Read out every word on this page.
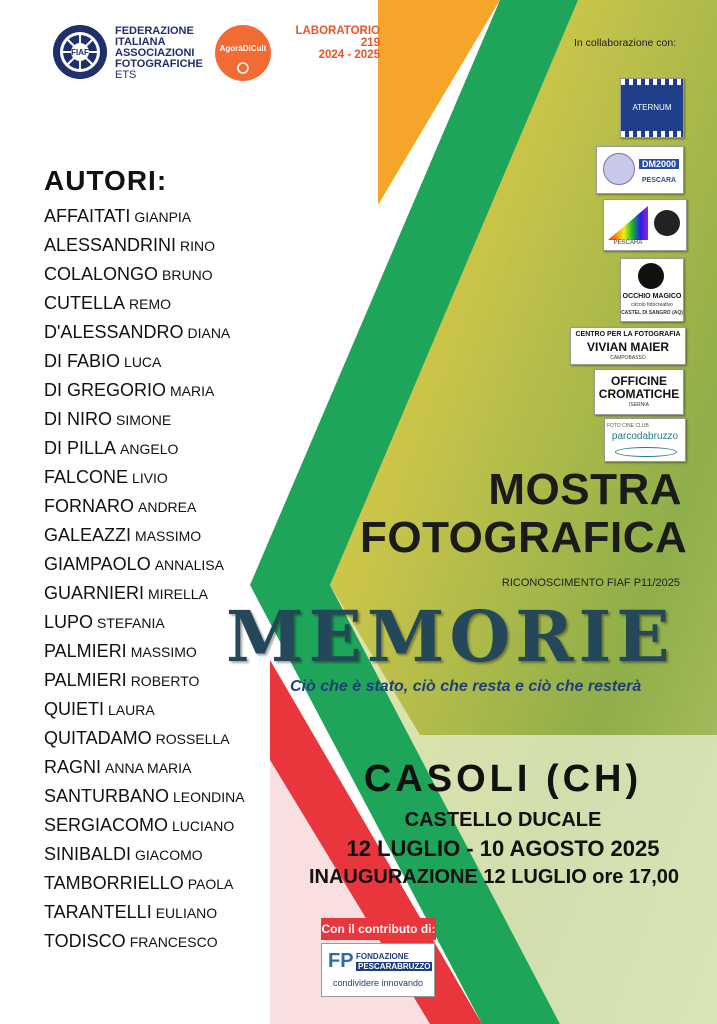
FIAF
FEDERAZIONE
ITALIANA
ASSOCIAZIONI
FOTOGRAFICHE
ETS
AgoràDiCult
LABORATORIO 219
2024 - 2025
In collaborazione con:
AUTORI:
AFFAITATI GIANPIA
ALESSANDRINI RINO
COLALONGO BRUNO
CUTELLA REMO
D'ALESSANDRO DIANA
DI FABIO LUCA
DI GREGORIO MARIA
DI NIRO SIMONE
DI PILLA ANGELO
FALCONE LIVIO
FORNARO ANDREA
GALEAZZI MASSIMO
GIAMPAOLO ANNALISA
GUARNIERI MIRELLA
LUPO STEFANIA
PALMIERI MASSIMO
PALMIERI ROBERTO
QUIETI LAURA
QUITADAMO ROSSELLA
RAGNI ANNA MARIA
SANTURBANO LEONDINA
SERGIACOMO LUCIANO
SINIBALDI GIACOMO
TAMBORRIELLO PAOLA
TARANTELLI EULIANO
TODISCO FRANCESCO
ATERNUM
DM2000
PESCARA
PESCARA
OCCHIO MAGICO
circolo fotocreativo
CASTEL DI SANGRO (AQ)
CENTRO PER LA FOTOGRAFIA
VIVIAN MAIER
CAMPOBASSO
OFFICINE
CROMATICHE
ISERNIA
FOTO CINE CLUB
parcodabruzzo
MOSTRA
FOTOGRAFICA
RICONOSCIMENTO FIAF P11/2025
MEMORIE
Ciò che è stato, ciò che resta e ciò che resterà
CASOLI (CH)
CASTELLO DUCALE
12 LUGLIO - 10 AGOSTO 2025
INAUGURAZIONE 12 LUGLIO ore 17,00
Con il contributo di:
FP FONDAZIONE
PESCARABRUZZO
condividere innovando
